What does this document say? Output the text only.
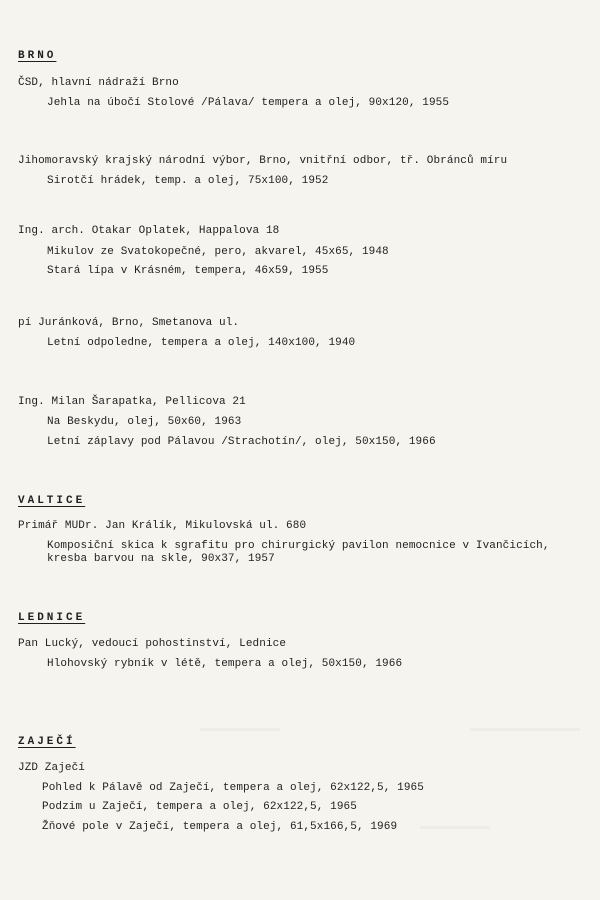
BRNO
ČSD, hlavní nádraží Brno
Jehla na úbočí Stolové /Pálava/ tempera a olej, 90x120, 1955
Jihomoravský krajský národní výbor, Brno, vnitřní odbor, tř. Obránců míru
Sirotčí hrádek, temp. a olej, 75x100, 1952
Ing. arch. Otakar Oplatek, Happalova 18
Mikulov ze Svatokopečné, pero, akvarel, 45x65, 1948
Stará lípa v Krásném, tempera, 46x59, 1955
pí Juránková, Brno, Smetanova ul.
Letní odpoledne, tempera a olej, 140x100, 1940
Ing. Milan Šarapatka, Pellicova 21
Na Beskydu, olej, 50x60, 1963
Letní záplavy pod Pálavou /Strachotín/, olej, 50x150, 1966
VALTICE
Primář MUDr. Jan Králík, Mikulovská ul. 680
Komposiční skica k sgrafitu pro chirurgický pavilon nemocnice v Ivančicích, kresba barvou na skle, 90x37, 1957
LEDNICE
Pan Lucký, vedoucí pohostinství, Lednice
Hlohovský rybník v létě, tempera a olej, 50x150, 1966
ZAJEČÍ
JZD Zaječí
Pohled k Pálavě od Zaječí, tempera a olej, 62x122,5, 1965
Podzim u Zaječí, tempera a olej, 62x122,5, 1965
Žňové pole v Zaječí, tempera a olej, 61,5x166,5, 1969
